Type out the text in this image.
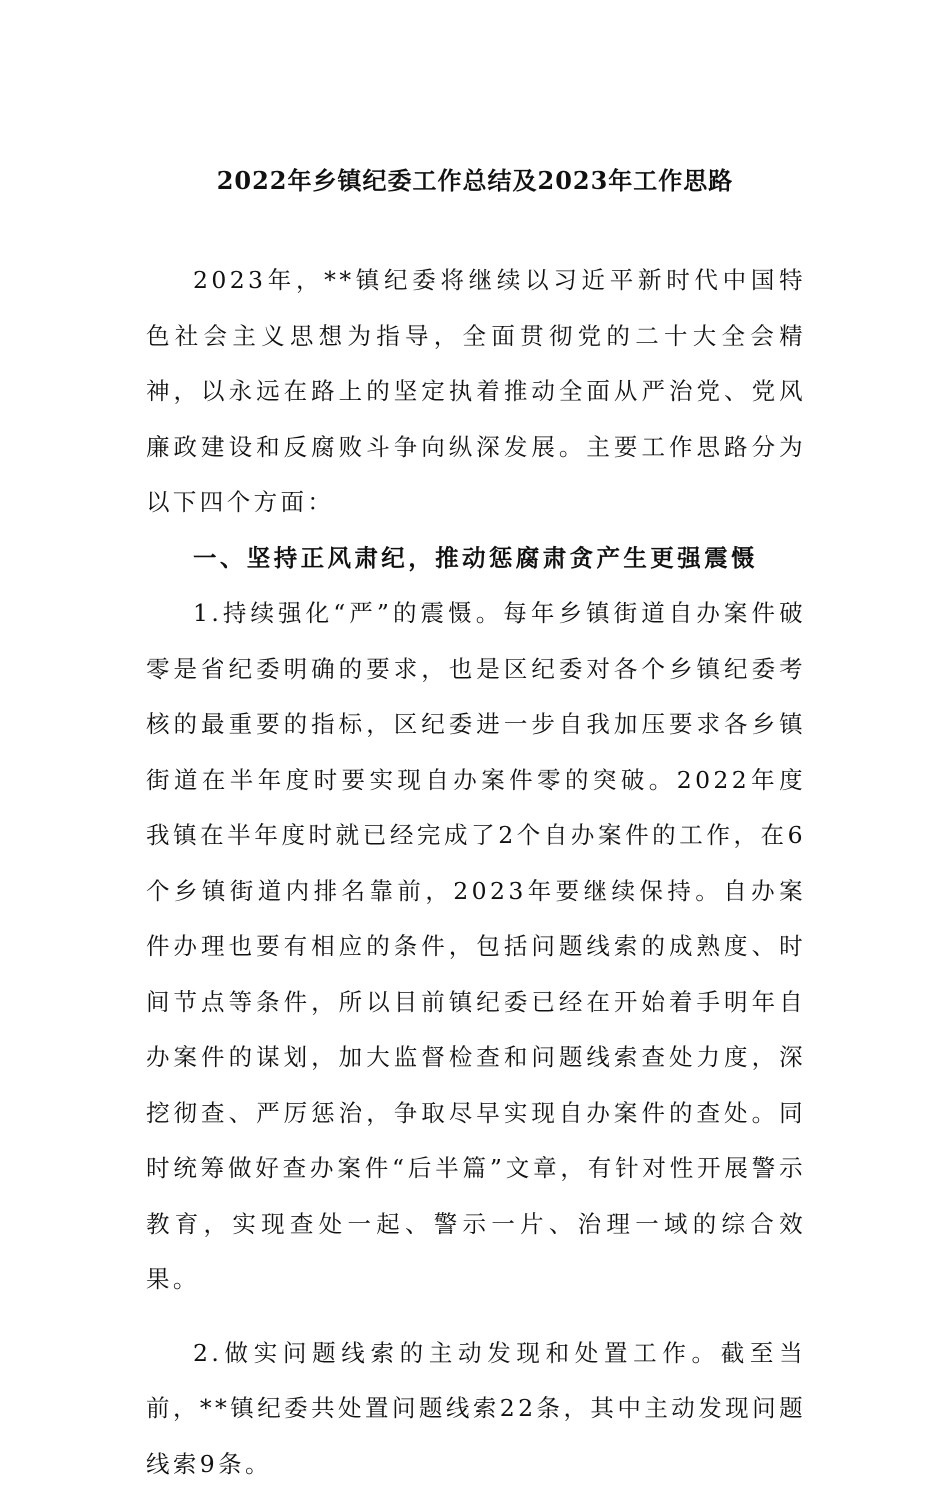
2022年乡镇纪委工作总结及2023年工作思路

2023年，**镇纪委将继续以习近平新时代中国特色社会主义思想为指导，全面贯彻党的二十大全会精神，以永远在路上的坚定执着推动全面从严治党、党风廉政建设和反腐败斗争向纵深发展。主要工作思路分为以下四个方面：

一、坚持正风肃纪，推动惩腐肃贪产生更强震慑

1.持续强化“严”的震慑。每年乡镇街道自办案件破零是省纪委明确的要求，也是区纪委对各个乡镇纪委考核的最重要的指标，区纪委进一步自我加压要求各乡镇街道在半年度时要实现自办案件零的突破。2022年度我镇在半年度时就已经完成了2个自办案件的工作，在6个乡镇街道内排名靠前，2023年要继续保持。自办案件办理也要有相应的条件，包括问题线索的成熟度、时间节点等条件，所以目前镇纪委已经在开始着手明年自办案件的谋划，加大监督检查和问题线索查处力度，深挖彻查、严厉惩治，争取尽早实现自办案件的查处。同时统筹做好查办案件“后半篇”文章，有针对性开展警示教育，实现查处一起、警示一片、治理一域的综合效果。

2.做实问题线索的主动发现和处置工作。截至当前，**镇纪委共处置问题线索22条，其中主动发现问题线索9条。
